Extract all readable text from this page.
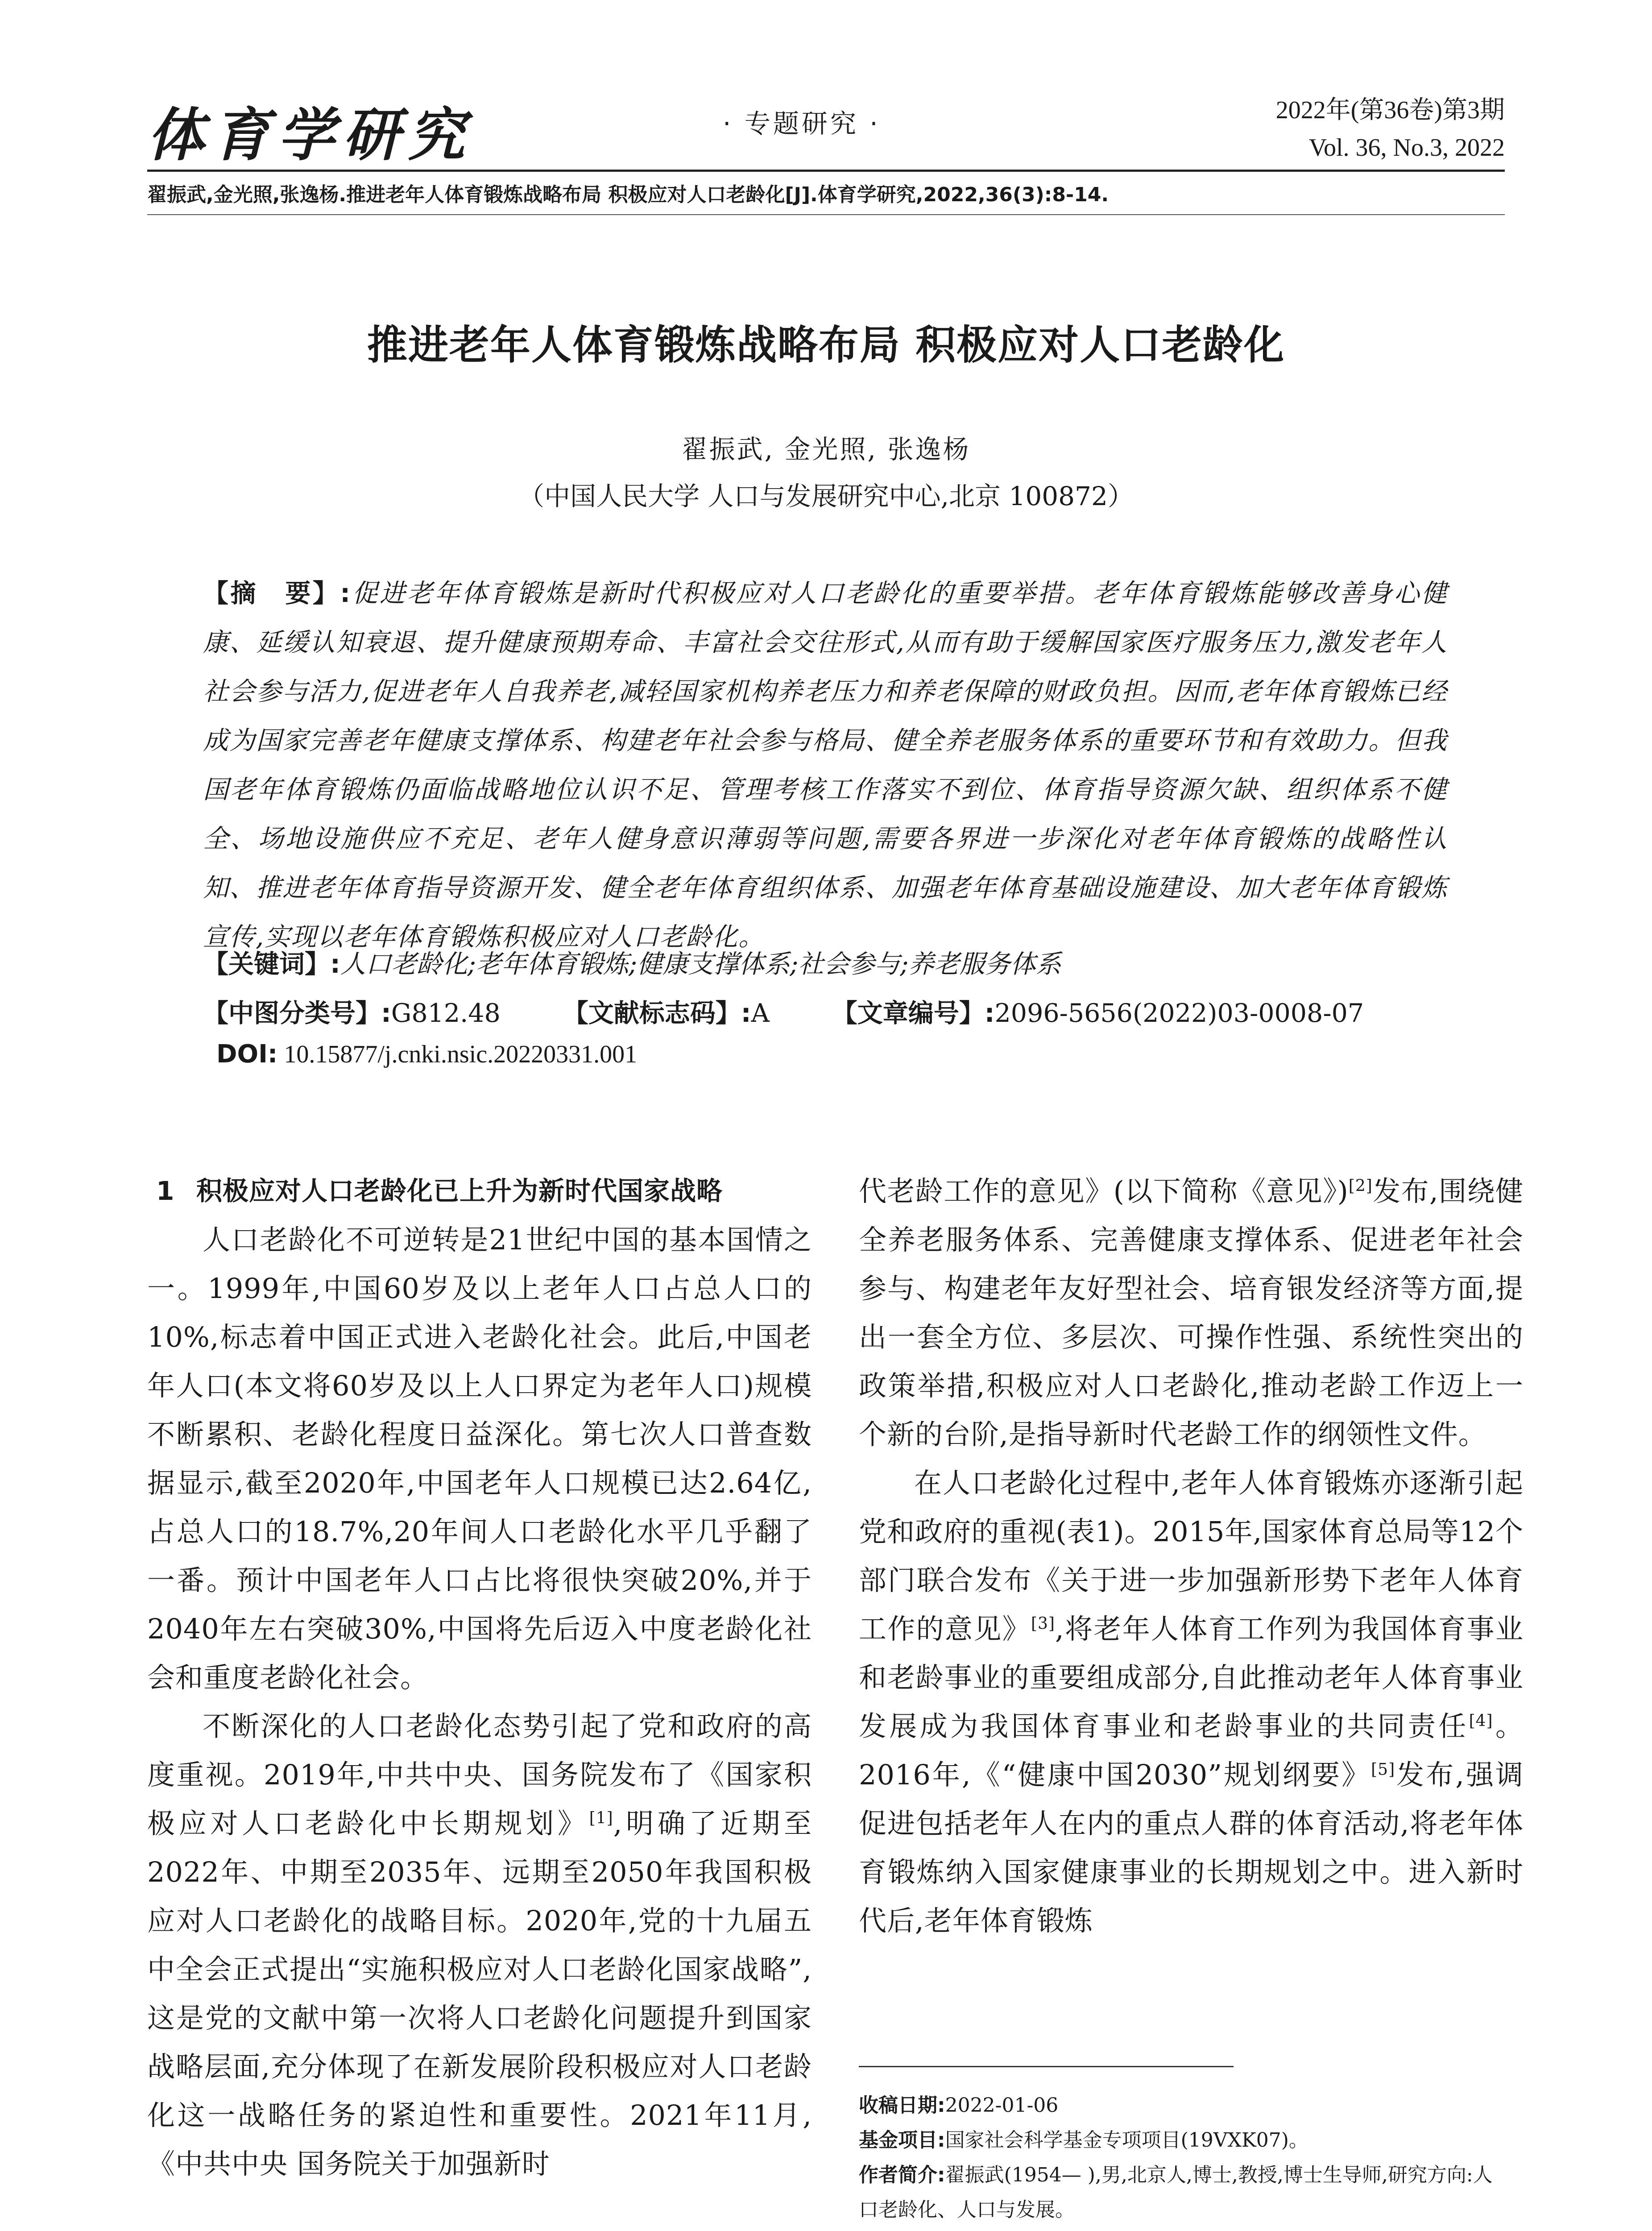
体育学研究	· 专题研究 ·	2022年(第36卷)第3期
Vol. 36, No.3, 2022
翟振武,金光照,张逸杨.推进老年人体育锻炼战略布局 积极应对人口老龄化[J].体育学研究,2022,36(3):8-14.
推进老年人体育锻炼战略布局 积极应对人口老龄化
翟振武, 金光照, 张逸杨
（中国人民大学 人口与发展研究中心,北京 100872）
【摘　要】:促进老年体育锻炼是新时代积极应对人口老龄化的重要举措。老年体育锻炼能够改善身心健康、延缓认知衰退、提升健康预期寿命、丰富社会交往形式,从而有助于缓解国家医疗服务压力,激发老年人社会参与活力,促进老年人自我养老,减轻国家机构养老压力和养老保障的财政负担。因而,老年体育锻炼已经成为国家完善老年健康支撑体系、构建老年社会参与格局、健全养老服务体系的重要环节和有效助力。但我国老年体育锻炼仍面临战略地位认识不足、管理考核工作落实不到位、体育指导资源欠缺、组织体系不健全、场地设施供应不充足、老年人健身意识薄弱等问题,需要各界进一步深化对老年体育锻炼的战略性认知、推进老年体育指导资源开发、健全老年体育组织体系、加强老年体育基础设施建设、加大老年体育锻炼宣传,实现以老年体育锻炼积极应对人口老龄化。
【关键词】:人口老龄化;老年体育锻炼;健康支撑体系;社会参与;养老服务体系
【中图分类号】:G812.48 【文献标志码】:A 【文章编号】:2096-5656(2022)03-0008-07
DOI: 10.15877/j.cnki.nsic.20220331.001
1 积极应对人口老龄化已上升为新时代国家战略

人口老龄化不可逆转是21世纪中国的基本国情之一。1999年,中国60岁及以上老年人口占总人口的10%,标志着中国正式进入老龄化社会。此后,中国老年人口(本文将60岁及以上人口界定为老年人口)规模不断累积、老龄化程度日益深化。第七次人口普查数据显示,截至2020年,中国老年人口规模已达2.64亿,占总人口的18.7%,20年间人口老龄化水平几乎翻了一番。预计中国老年人口占比将很快突破20%,并于2040年左右突破30%,中国将先后迈入中度老龄化社会和重度老龄化社会。

不断深化的人口老龄化态势引起了党和政府的高度重视。2019年,中共中央、国务院发布了《国家积极应对人口老龄化中长期规划》[1],明确了近期至2022年、中期至2035年、远期至2050年我国积极应对人口老龄化的战略目标。2020年,党的十九届五中全会正式提出“实施积极应对人口老龄化国家战略”,这是党的文献中第一次将人口老龄化问题提升到国家战略层面,充分体现了在新发展阶段积极应对人口老龄化这一战略任务的紧迫性和重要性。2021年11月,《中共中央 国务院关于加强新时

代老龄工作的意见》(以下简称《意见》)[2]发布,围绕健全养老服务体系、完善健康支撑体系、促进老年社会参与、构建老年友好型社会、培育银发经济等方面,提出一套全方位、多层次、可操作性强、系统性突出的政策举措,积极应对人口老龄化,推动老龄工作迈上一个新的台阶,是指导新时代老龄工作的纲领性文件。

在人口老龄化过程中,老年人体育锻炼亦逐渐引起党和政府的重视(表1)。2015年,国家体育总局等12个部门联合发布《关于进一步加强新形势下老年人体育工作的意见》[3],将老年人体育工作列为我国体育事业和老龄事业的重要组成部分,自此推动老年人体育事业发展成为我国体育事业和老龄事业的共同责任[4]。2016年,《“健康中国2030”规划纲要》[5]发布,强调促进包括老年人在内的重点人群的体育活动,将老年体育锻炼纳入国家健康事业的长期规划之中。进入新时代后,老年体育锻炼

收稿日期:2022-01-06
基金项目:国家社会科学基金专项项目(19VXK07)。
作者简介:翟振武(1954— ),男,北京人,博士,教授,博士生导师,研究方向:人口老龄化、人口与发展。
